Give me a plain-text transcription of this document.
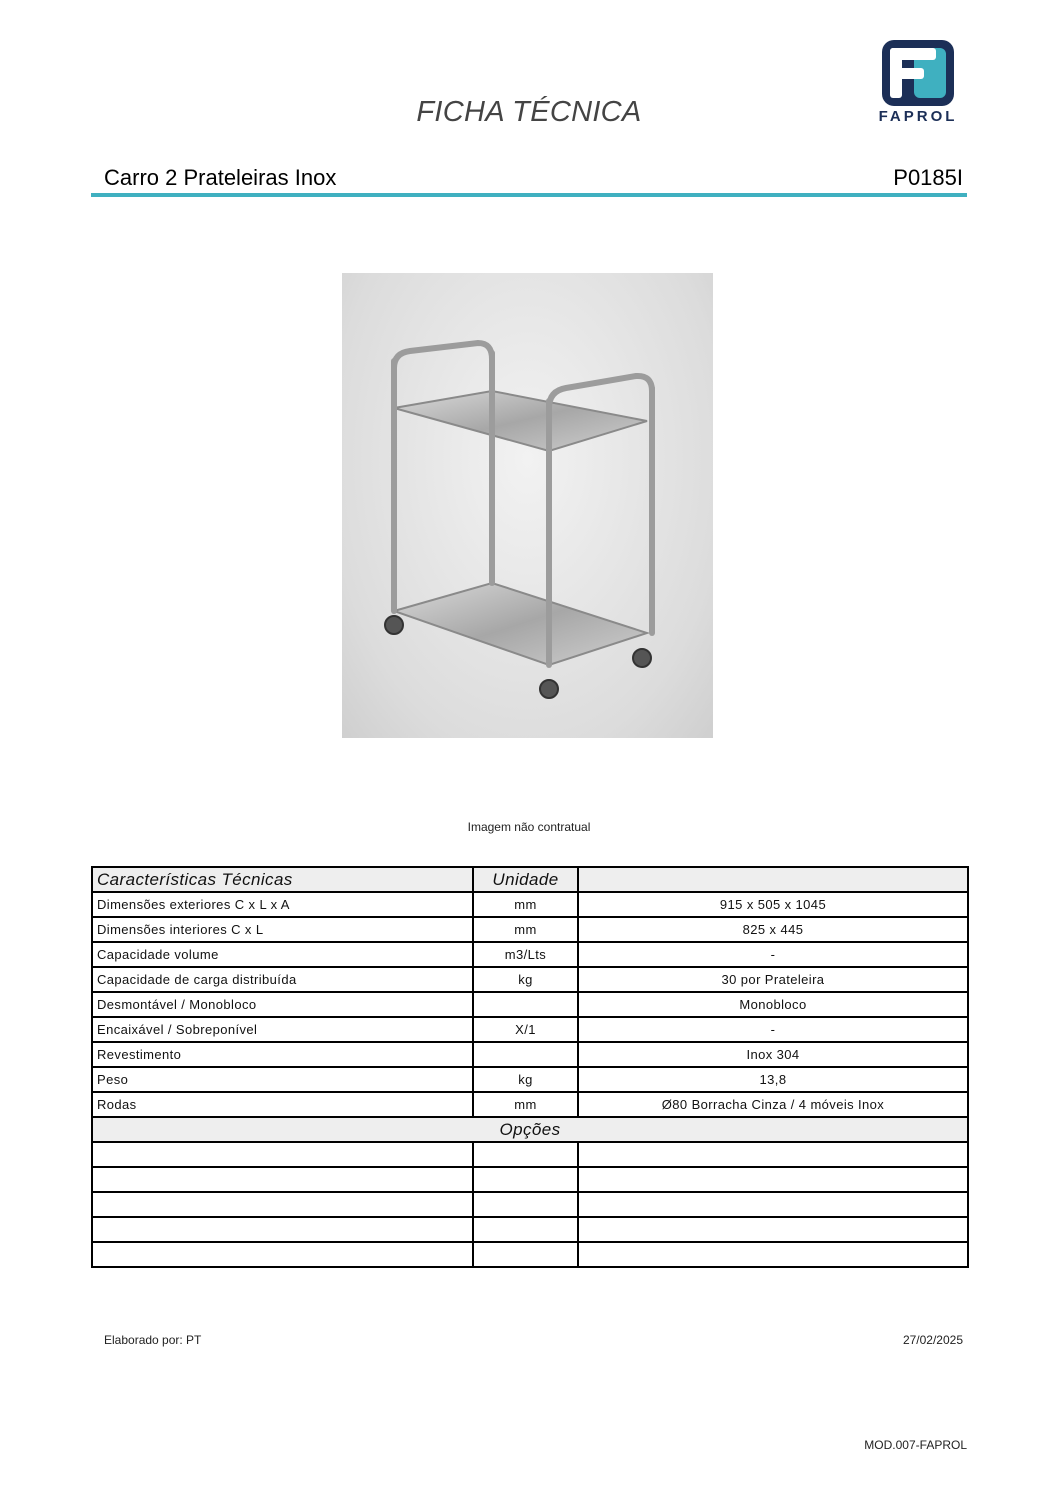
FICHA TÉCNICA	FAPROL
Carro 2 Prateleiras Inox	P0185I
Imagem não contratual
Características Técnicas	Unidade	
Dimensões exteriores C x L x A	mm	915 x 505 x 1045
Dimensões interiores C x L	mm	825 x 445
Capacidade volume	m3/Lts	-
Capacidade de carga distribuída	kg	30 por Prateleira
Desmontável / Monobloco		Monobloco
Encaixável / Sobreponível	X/1	-
Revestimento		Inox 304
Peso	kg	13,8
Rodas	mm	Ø80 Borracha Cinza / 4 móveis Inox
Opções		

Elaborado por: PT	27/02/2025
MOD.007-FAPROL
